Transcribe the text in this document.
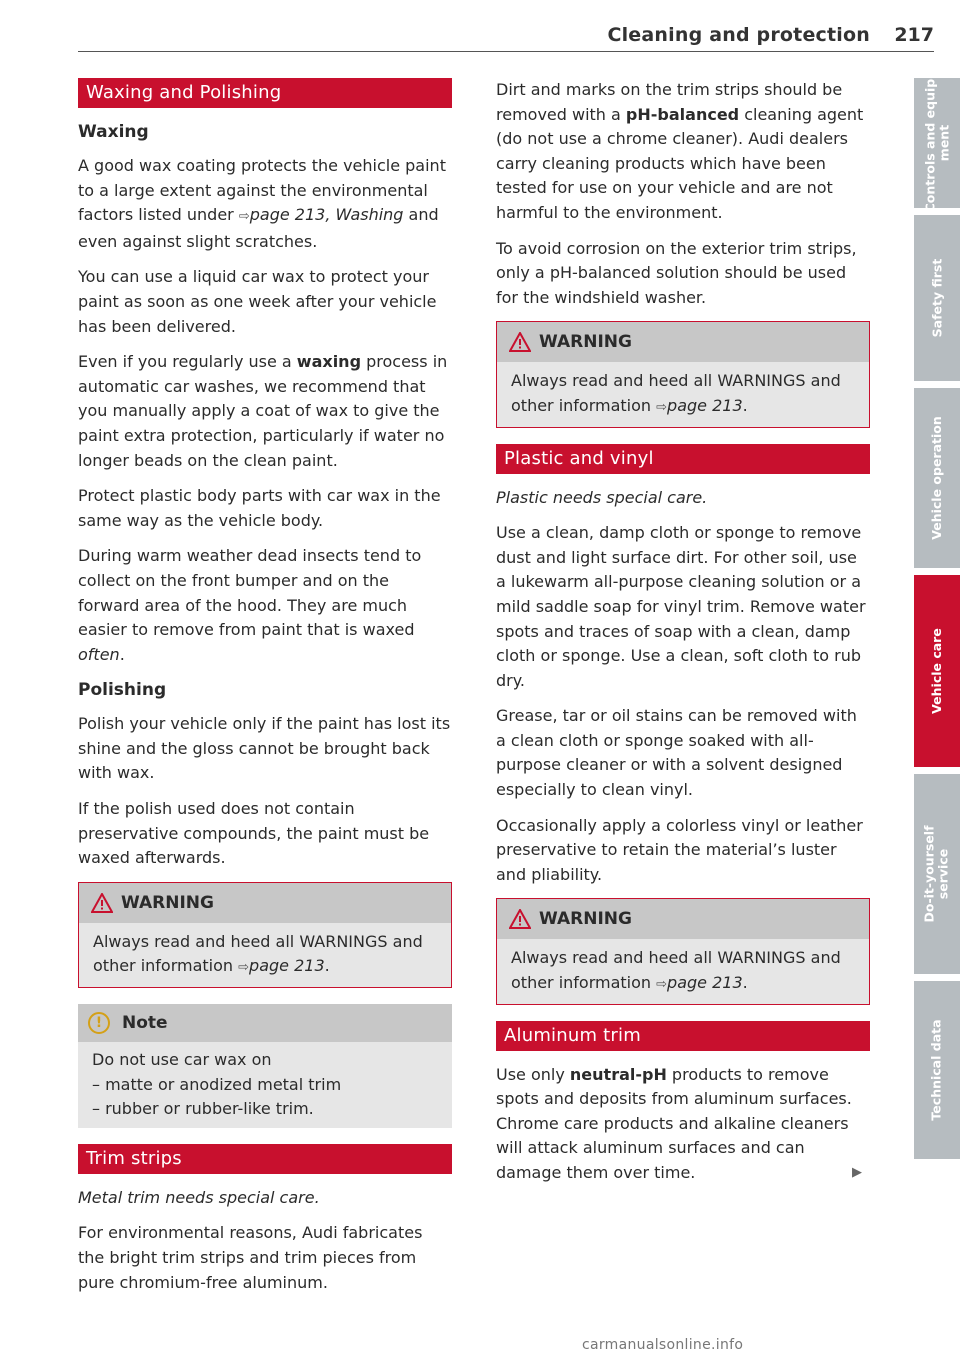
Cleaning and protection 217
Waxing and Polishing
Waxing

A good wax coating protects the vehicle paint to a large extent against the environmental factors listed under ⇨page 213, Washing and even against slight scratches.

You can use a liquid car wax to protect your paint as soon as one week after your vehicle has been delivered.

Even if you regularly use a waxing process in automatic car washes, we recommend that you manually apply a coat of wax to give the paint extra protection, particularly if water no longer beads on the clean paint.

Protect plastic body parts with car wax in the same way as the vehicle body.

During warm weather dead insects tend to collect on the front bumper and on the forward area of the hood. They are much easier to remove from paint that is waxed often.

Polishing

Polish your vehicle only if the paint has lost its shine and the gloss cannot be brought back with wax.

If the polish used does not contain preservative compounds, the paint must be waxed afterwards.

WARNING
Always read and heed all WARNINGS and other information ⇨page 213.
!	Note
Do not use car wax on
– matte or anodized metal trim
– rubber or rubber-like trim.
Trim strips

Metal trim needs special care.

For environmental reasons, Audi fabricates the bright trim strips and trim pieces from pure chromium-free aluminum.

Dirt and marks on the trim strips should be removed with a pH-balanced cleaning agent (do not use a chrome cleaner). Audi dealers carry cleaning products which have been tested for use on your vehicle and are not harmful to the environment.

To avoid corrosion on the exterior trim strips, only a pH-balanced solution should be used for the windshield washer.

WARNING
Always read and heed all WARNINGS and other information ⇨page 213.
Plastic and vinyl

Plastic needs special care.

Use a clean, damp cloth or sponge to remove dust and light surface dirt. For other soil, use a lukewarm all-purpose cleaning solution or a mild saddle soap for vinyl trim. Remove water spots and traces of soap with a clean, damp cloth or sponge. Use a clean, soft cloth to rub dry.

Grease, tar or oil stains can be removed with a clean cloth or sponge soaked with all-purpose cleaner or with a solvent designed especially to clean vinyl.

Occasionally apply a colorless vinyl or leather preservative to retain the material’s luster and pliability.

WARNING
Always read and heed all WARNINGS and other information ⇨page 213.
Aluminum trim

Use only neutral-pH products to remove spots and deposits from aluminum surfaces. Chrome care products and alkaline cleaners will attack aluminum surfaces and can damage them over time.	▶

Controls and equip-
ment
Safety first
Vehicle operation
Vehicle care
Do-it-yourself
service
Technical data
carmanualsonline.info
